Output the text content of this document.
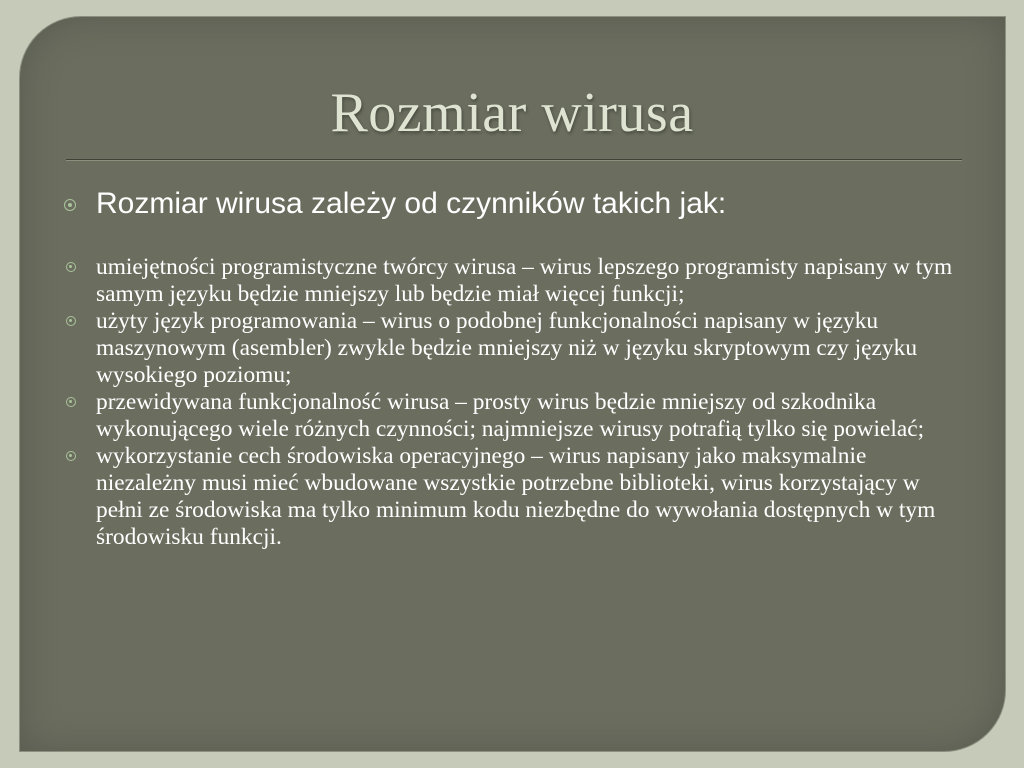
Rozmiar wirusa
Rozmiar wirusa zależy od czynników takich jak:
umiejętności programistyczne twórcy wirusa – wirus lepszego programisty napisany w tym samym języku będzie mniejszy lub będzie miał więcej funkcji;
użyty język programowania – wirus o podobnej funkcjonalności napisany w języku maszynowym (asembler) zwykle będzie mniejszy niż w języku skryptowym czy języku wysokiego poziomu;
przewidywana funkcjonalność wirusa – prosty wirus będzie mniejszy od szkodnika wykonującego wiele różnych czynności; najmniejsze wirusy potrafią tylko się powielać;
wykorzystanie cech środowiska operacyjnego – wirus napisany jako maksymalnie niezależny musi mieć wbudowane wszystkie potrzebne biblioteki, wirus korzystający w pełni ze środowiska ma tylko minimum kodu niezbędne do wywołania dostępnych w tym środowisku funkcji.
